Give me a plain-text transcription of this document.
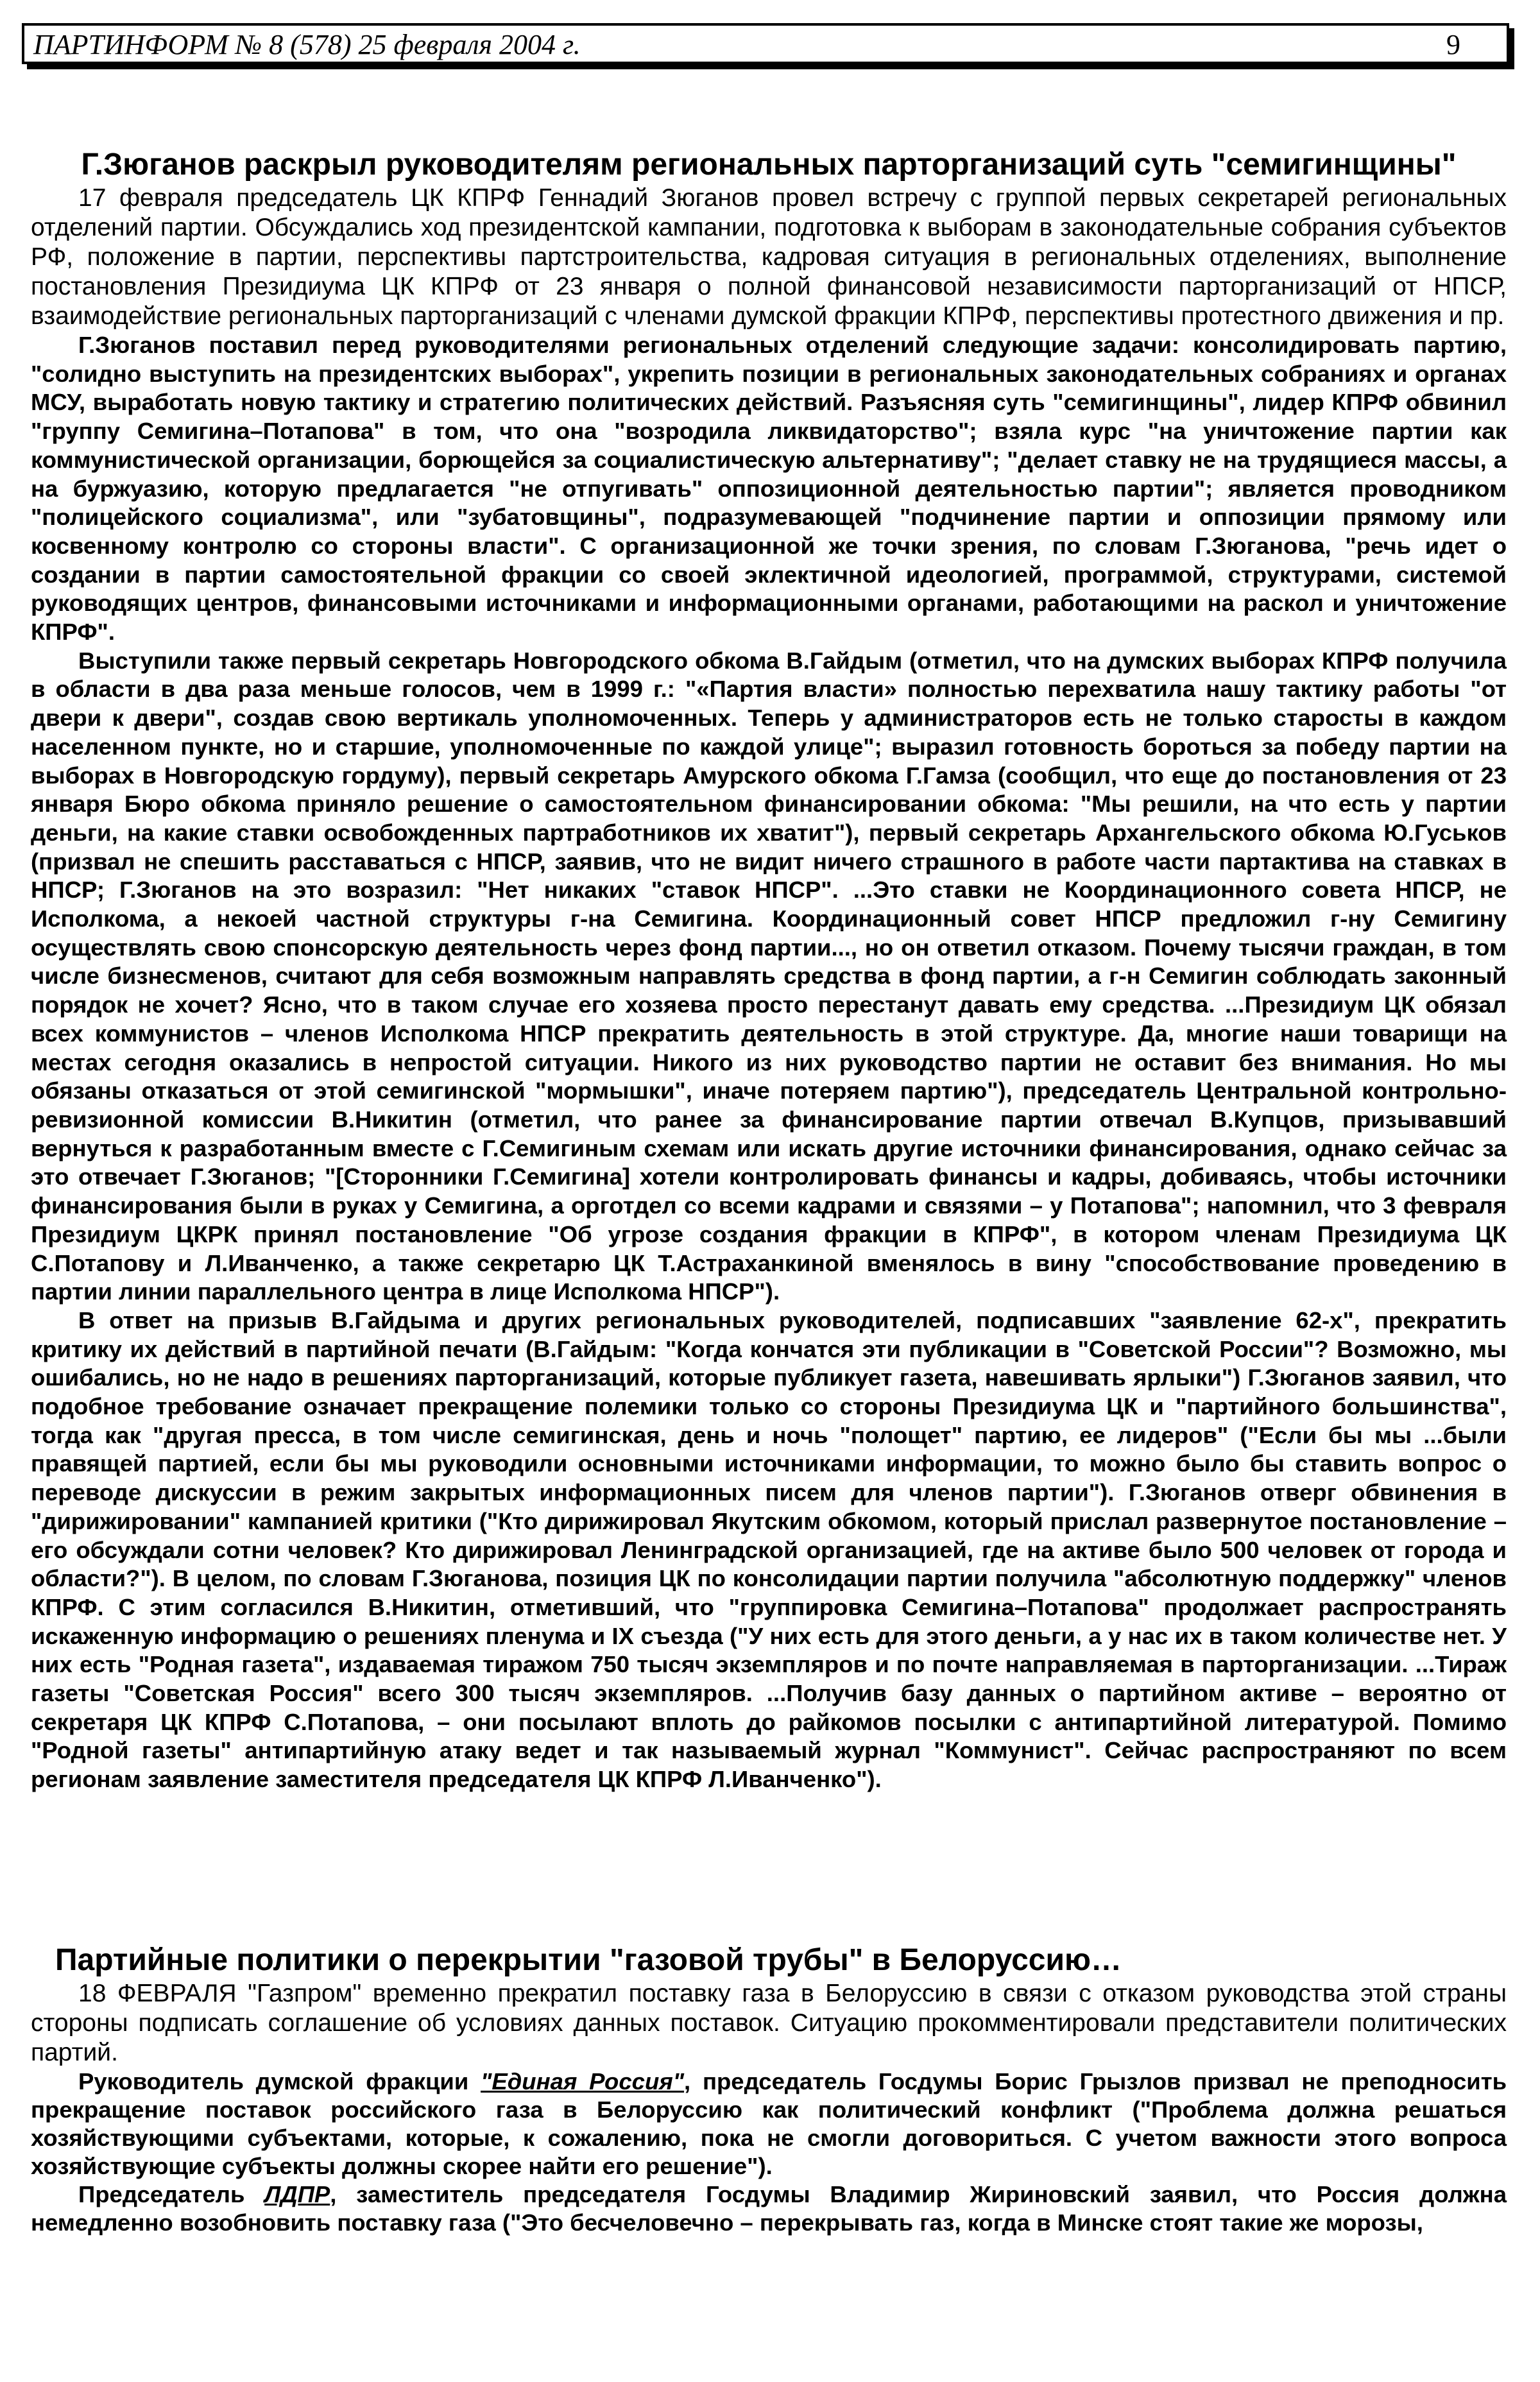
ПАРТИНФОРМ № 8 (578) 25 февраля 2004 г.	9
Г.Зюганов раскрыл руководителям региональных парторганизаций суть "семигинщины"

17 февраля председатель ЦК КПРФ Геннадий Зюганов провел встречу с группой первых секретарей региональных отделений партии. Обсуждались ход президентской кампании, подготовка к выборам в законодательные собрания субъектов РФ, положение в партии, перспективы партстроительства, кадровая ситуация в региональных отделениях, выполнение постановления Президиума ЦК КПРФ от 23 января о полной финансовой независимости парторганизаций от НПСР, взаимодействие региональных парторганизаций с членами думской фракции КПРФ, перспективы протестного движения и пр.

Г.Зюганов поставил перед руководителями региональных отделений следующие задачи: консолидировать партию, "солидно выступить на президентских выборах", укрепить позиции в региональных законодательных собраниях и органах МСУ, выработать новую тактику и стратегию политических действий. Разъясняя суть "семигинщины", лидер КПРФ обвинил "группу Семигина–Потапова" в том, что она "возродила ликвидаторство"; взяла курс "на уничтожение партии как коммунистической организации, борющейся за социалистическую альтернативу"; "делает ставку не на трудящиеся массы, а на буржуазию, которую предлагается "не отпугивать" оппозиционной деятельностью партии"; является проводником "полицейского социализма", или "зубатовщины", подразумевающей "подчинение партии и оппозиции прямому или косвенному контролю со стороны власти". С организационной же точки зрения, по словам Г.Зюганова, "речь идет о создании в партии самостоятельной фракции со своей эклектичной идеологией, программой, структурами, системой руководящих центров, финансовыми источниками и информационными органами, работающими на раскол и уничтожение КПРФ".

Выступили также первый секретарь Новгородского обкома В.Гайдым (отметил, что на думских выборах КПРФ получила в области в два раза меньше голосов, чем в 1999 г.: "«Партия власти» полностью перехватила нашу тактику работы "от двери к двери", создав свою вертикаль уполномоченных. Теперь у администраторов есть не только старосты в каждом населенном пункте, но и старшие, уполномоченные по каждой улице"; выразил готовность бороться за победу партии на выборах в Новгородскую гордуму), первый секретарь Амурского обкома Г.Гамза (сообщил, что еще до постановления от 23 января Бюро обкома приняло решение о самостоятельном финансировании обкома: "Мы решили, на что есть у партии деньги, на какие ставки освобожденных партработников их хватит"), первый секретарь Архангельского обкома Ю.Гуськов (призвал не спешить расставаться с НПСР, заявив, что не видит ничего страшного в работе части партактива на ставках в НПСР; Г.Зюганов на это возразил: "Нет никаких "ставок НПСР". ...Это ставки не Координационного совета НПСР, не Исполкома, а некоей частной структуры г-на Семигина. Координационный совет НПСР предложил г-ну Семигину осуществлять свою спонсорскую деятельность через фонд партии..., но он ответил отказом. Почему тысячи граждан, в том числе бизнесменов, считают для себя возможным направлять средства в фонд партии, а г-н Семигин соблюдать законный порядок не хочет? Ясно, что в таком случае его хозяева просто перестанут давать ему средства. ...Президиум ЦК обязал всех коммунистов – членов Исполкома НПСР прекратить деятельность в этой структуре. Да, многие наши товарищи на местах сегодня оказались в непростой ситуации. Никого из них руководство партии не оставит без внимания. Но мы обязаны отказаться от этой семигинской "мормышки", иначе потеряем партию"), председатель Центральной контрольно-ревизионной комиссии В.Никитин (отметил, что ранее за финансирование партии отвечал В.Купцов, призывавший вернуться к разработанным вместе с Г.Семигиным схемам или искать другие источники финансирования, однако сейчас за это отвечает Г.Зюганов; "[Сторонники Г.Семигина] хотели контролировать финансы и кадры, добиваясь, чтобы источники финансирования были в руках у Семигина, а орготдел со всеми кадрами и связями – у Потапова"; напомнил, что 3 февраля Президиум ЦКРК принял постановление "Об угрозе создания фракции в КПРФ", в котором членам Президиума ЦК С.Потапову и Л.Иванченко, а также секретарю ЦК Т.Астраханкиной вменялось в вину "способствование проведению в партии линии параллельного центра в лице Исполкома НПСР").

В ответ на призыв В.Гайдыма и других региональных руководителей, подписавших "заявление 62-х", прекратить критику их действий в партийной печати (В.Гайдым: "Когда кончатся эти публикации в "Советской России"? Возможно, мы ошибались, но не надо в решениях парторганизаций, которые публикует газета, навешивать ярлыки") Г.Зюганов заявил, что подобное требование означает прекращение полемики только со стороны Президиума ЦК и "партийного большинства", тогда как "другая пресса, в том числе семигинская, день и ночь "полощет" партию, ее лидеров" ("Если бы мы ...были правящей партией, если бы мы руководили основными источниками информации, то можно было бы ставить вопрос о переводе дискуссии в режим закрытых информационных писем для членов партии"). Г.Зюганов отверг обвинения в "дирижировании" кампанией критики ("Кто дирижировал Якутским обкомом, который прислал развернутое постановление – его обсуждали сотни человек? Кто дирижировал Ленинградской организацией, где на активе было 500 человек от города и области?"). В целом, по словам Г.Зюганова, позиция ЦК по консолидации партии получила "абсолютную поддержку" членов КПРФ. С этим согласился В.Никитин, отметивший, что "группировка Семигина–Потапова" продолжает распространять искаженную информацию о решениях пленума и IX съезда ("У них есть для этого деньги, а у нас их в таком количестве нет. У них есть "Родная газета", издаваемая тиражом 750 тысяч экземпляров и по почте направляемая в парторганизации. ...Тираж газеты "Советская Россия" всего 300 тысяч экземпляров. ...Получив базу данных о партийном активе – вероятно от секретаря ЦК КПРФ С.Потапова, – они посылают вплоть до райкомов посылки с антипартийной литературой. Помимо "Родной газеты" антипартийную атаку ведет и так называемый журнал "Коммунист". Сейчас распространяют по всем регионам заявление заместителя председателя ЦК КПРФ Л.Иванченко").

Партийные политики о перекрытии "газовой трубы" в Белоруссию…

18 ФЕВРАЛЯ "Газпром" временно прекратил поставку газа в Белоруссию в связи с отказом руководства этой страны стороны подписать соглашение об условиях данных поставок. Ситуацию прокомментировали представители политических партий.

Руководитель думской фракции "Единая Россия", председатель Госдумы Борис Грызлов призвал не преподносить прекращение поставок российского газа в Белоруссию как политический конфликт ("Проблема должна решаться хозяйствующими субъектами, которые, к сожалению, пока не смогли договориться. С учетом важности этого вопроса хозяйствующие субъекты должны скорее найти его решение").

Председатель ЛДПР, заместитель председателя Госдумы Владимир Жириновский заявил, что Россия должна немедленно возобновить поставку газа ("Это бесчеловечно – перекрывать газ, когда в Минске стоят такие же морозы,
